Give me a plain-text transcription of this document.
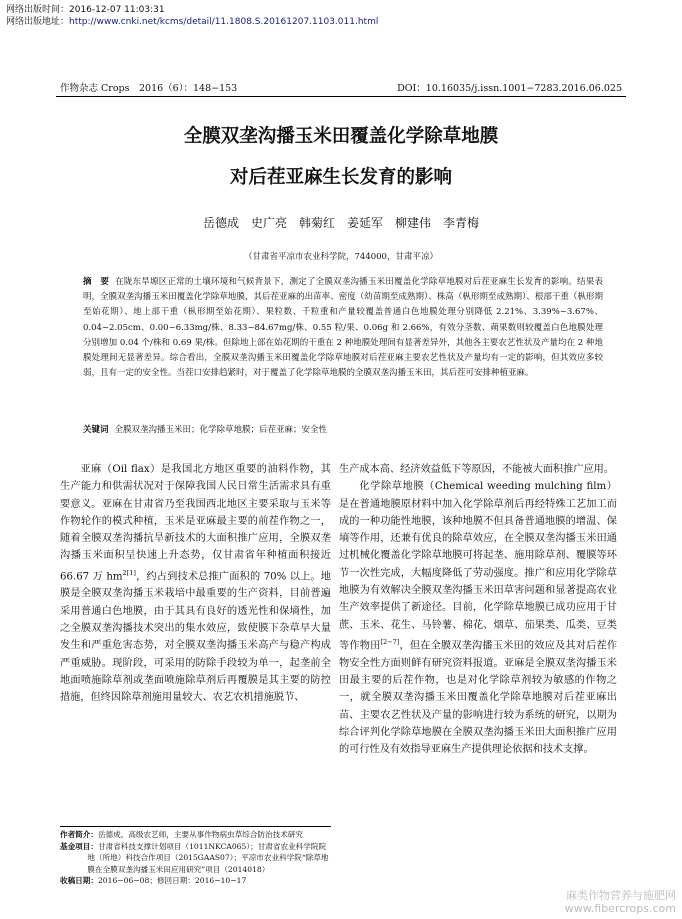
网络出版时间：2016-12-07 11:03:31
网络出版地址：http://www.cnki.net/kcms/detail/11.1808.S.20161207.1103.011.html
作物杂志 Crops　2016（6）：148−153	DOI：10.16035/j.issn.1001−7283.2016.06.025
全膜双垄沟播玉米田覆盖化学除草地膜
对后茬亚麻生长发育的影响
岳德成　史广亮　韩菊红　姜延军　柳建伟　李青梅
（甘肃省平凉市农业科学院，744000，甘肃平凉）
摘　要 在陇东旱塬区正常的土壤环境和气候背景下，测定了全膜双垄沟播玉米田覆盖化学除草地膜对后茬亚麻生长发育的影响。结果表明，全膜双垄沟播玉米田覆盖化学除草地膜，其后茬亚麻的出苗率、密度（幼苗期至成熟期）、株高（枞形期至成熟期）、根部干重（枞形期至始花期）、地上部干重（枞形期至始花期）、果粒数、千粒重和产量较覆盖普通白色地膜处理分别降低 2.21%、3.39%~3.67%、0.04~2.05cm、0.00~6.33mg/株、8.33~84.67mg/株、0.55 粒/果、0.06g 和 2.66%，有效分茎数、蒴果数则较覆盖白色地膜处理分别增加 0.04 个/株和 0.69 果/株。但除地上部在始花期的干重在 2 种地膜处理间有显著差异外，其他各主要农艺性状及产量均在 2 种地膜处理间无显著差异。综合看出，全膜双垄沟播玉米田覆盖化学除草地膜对后茬亚麻主要农艺性状及产量均有一定的影响，但其效应多较弱，且有一定的安全性。当茬口安排趋紧时，对于覆盖了化学除草地膜的全膜双垄沟播玉米田，其后茬可安排种植亚麻。
关键词 全膜双垄沟播玉米田；化学除草地膜；后茬亚麻；安全性

亚麻（Oil flax）是我国北方地区重要的油料作物，其生产能力和供需状况对于保障我国人民日常生活需求具有重要意义。亚麻在甘肃省乃至我国西北地区主要采取与玉米等作物轮作的模式种植，玉米是亚麻最主要的前茬作物之一，随着全膜双垄沟播抗旱新技术的大面积推广应用，全膜双垄沟播玉米面积呈快速上升态势，仅甘肃省年种植面积接近 66.67 万 $hm^{2[1]}$，约占到技术总推广面积的 70% 以上。地膜是全膜双垄沟播玉米栽培中最重要的生产资料，目前普遍采用普通白色地膜，由于其具有良好的透光性和保墒性，加之全膜双垄沟播技术突出的集水效应，致使膜下杂草早大量发生和严重危害态势，对全膜双垄沟播玉米高产与稳产构成严重威胁。现阶段，可采用的防除手段较为单一，起垄前全地面喷施除草剂或垄面喷施除草剂后再覆膜是其主要的防控措施，但终因除草剂施用量较大、农艺农机措施脱节、

作者简介：岳德成，高级农艺师，主要从事作物病虫草综合防治技术研究
基金项目：甘肃省科技支撑计划项目（1011NKCA065）；甘肃省农业科学院院地（所地）科技合作项目（2015GAAS07）；平凉市农业科学院“除草地膜在全膜双垄沟播玉米田应用研究”项目（2014018）
收稿日期：2016−06−08；修回日期：2016−10−17

生产成本高、经济效益低下等原因，不能被大面积推广应用。

化学除草地膜（Chemical weeding mulching film）是在普通地膜原材料中加入化学除草剂后再经特殊工艺加工而成的一种功能性地膜，该种地膜不但具备普通地膜的增温、保墒等作用，还兼有优良的除草效应，在全膜双垄沟播玉米田通过机械化覆盖化学除草地膜可将起垄、施用除草剂、覆膜等环节一次性完成，大幅度降低了劳动强度。推广和应用化学除草地膜为有效解决全膜双垄沟播玉米田草害问题和显著提高农业生产效率提供了新途径。目前，化学除草地膜已成功应用于甘蔗、玉米、花生、马铃薯、棉花、烟草、茄果类、瓜类、豆类等作物田[2−7]，但在全膜双垄沟播玉米田的效应及其对后茬作物安全性方面则鲜有研究资料报道。亚麻是全膜双垄沟播玉米田最主要的后茬作物，也是对化学除草剂较为敏感的作物之一，就全膜双垄沟播玉米田覆盖化学除草地膜对后茬亚麻出苗、主要农艺性状及产量的影响进行较为系统的研究，以期为综合评判化学除草地膜在全膜双垄沟播玉米田大面积推广应用的可行性及有效指导亚麻生产提供理论依据和技术支撑。

麻类作物营养与施肥网
www.fibercrops.com
